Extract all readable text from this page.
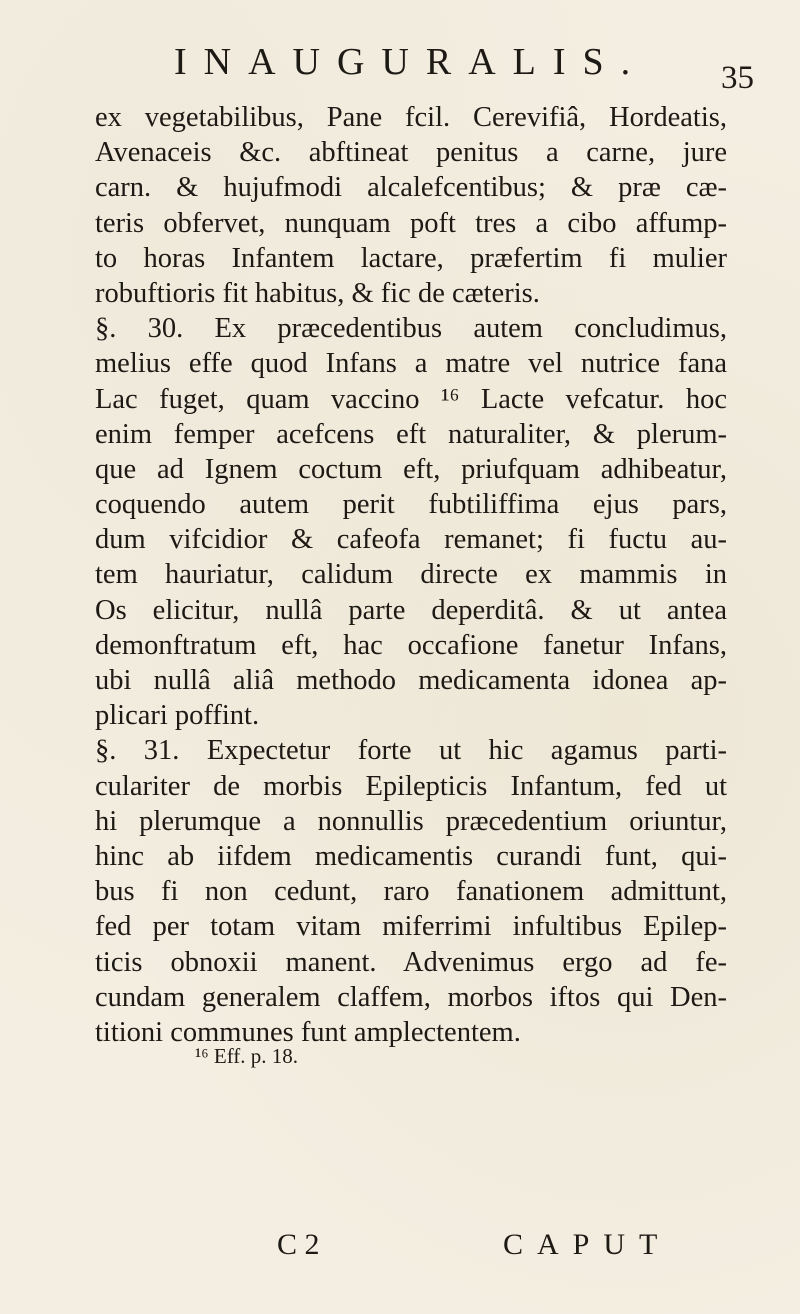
INAUGURALIS. 35
ex vegetabilibus, Pane fcil. Cerevifiâ, Hordeatis,
Avenaceis &c. abftineat penitus a carne, jure
carn. & hujufmodi alcalefcentibus; & præ cæ-
teris obfervet, nunquam poft tres a cibo affump-
to horas Infantem lactare, præfertim fi mulier
robuftioris fit habitus, & fic de cæteris.
§. 30. Ex præcedentibus autem concludimus,
melius effe quod Infans a matre vel nutrice fana
Lac fuget, quam vaccino ¹⁶ Lacte vefcatur. hoc
enim femper acefcens eft naturaliter, & plerum-
que ad Ignem coctum eft, priufquam adhibeatur,
coquendo autem perit fubtiliffima ejus pars,
dum vifcidior & cafeofa remanet; fi fuctu au-
tem hauriatur, calidum directe ex mammis in
Os elicitur, nullâ parte deperditâ. & ut antea
demonftratum eft, hac occafione fanetur Infans,
ubi nullâ aliâ methodo medicamenta idonea ap-
plicari poffint.
§. 31. Expectetur forte ut hic agamus parti-
culariter de morbis Epilepticis Infantum, fed ut
hi plerumque a nonnullis præcedentium oriuntur,
hinc ab iifdem medicamentis curandi funt, qui-
bus fi non cedunt, raro fanationem admittunt,
fed per totam vitam miferrimi infultibus Epilep-
ticis obnoxii manent. Advenimus ergo ad fe-
cundam generalem claffem, morbos iftos qui Den-
titioni communes funt amplectentem.
¹⁶ Eff. p. 18.
C 2	CAPUT
